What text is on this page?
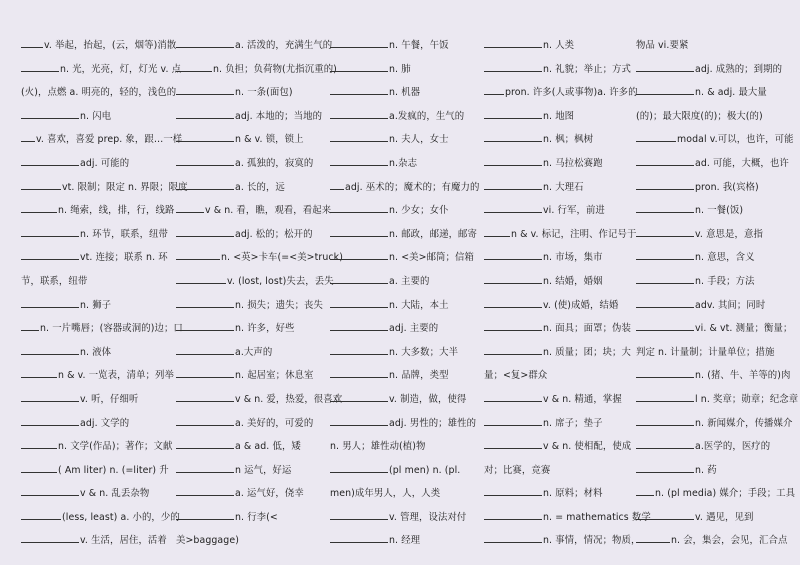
v. 举起，抬起，(云，烟等)消散
n. 光，光亮，灯，灯光 v. 点
(火)，点燃 a. 明亮的，轻的，浅色的
n. 闪电
v. 喜欢，喜爱 prep. 象，跟…一样
adj. 可能的
vt. 限制；限定 n. 界限；限度
n. 绳索，线，排，行，线路
n. 环节，联系，纽带
vt. 连接；联系 n. 环
节，联系，纽带
n. 狮子
n. 一片嘴唇；(容器或洞的)边；口
n. 液体
n & v. 一览表，清单；列举
v. 听，仔细听
adj. 文学的
n. 文学(作品)；著作；文献
( Am liter) n. (=liter) 升
v & n. 乱丢杂物
(less, least) a. 小的，少的
v. 生活，居住，活着
a. 活泼的，充满生气的
n. 负担；负荷物(尤指沉重的)
n. 一条(面包)
adj. 本地的；当地的
n & v. 锁，锁上
a. 孤独的，寂寞的
a. 长的，远
v & n. 看，瞧，观看，看起来
adj. 松的；松开的
n. <英>卡车(=<美>truck)
v. (lost, lost)失去，丢失
n. 损失；遗失；丧失
n. 许多，好些
a.大声的
n. 起居室；休息室
v & n. 爱，热爱，很喜欢
a. 美好的，可爱的
a & ad. 低，矮
n 运气，好运
a. 运气好，侥幸
n. 行李(<
美>baggage)
n. 午餐，午饭
n. 肺
n. 机器
a.发疯的，生气的
n. 夫人，女士
n.杂志
adj. 巫术的；魔术的；有魔力的
n. 少女；女仆
n. 邮政，邮递，邮寄
n. <美>邮筒；信箱
a. 主要的
n. 大陆，本土
adj. 主要的
n. 大多数；大半
n. 品牌，类型
v. 制造，做，使得
adj. 男性的；雄性的
n. 男人；雄性动(植)物
(pl men) n. (pl.
men)成年男人，人，人类
v. 管理，设法对付
n. 经理
n. 人类
n. 礼貌；举止；方式
pron. 许多(人或事物)a. 许多的
n. 地图
n. 枫；枫树
n. 马拉松赛跑
n. 大理石
vi. 行军，前进
n & v. 标记，注明、作记号于
n. 市场，集市
n. 结婚，婚姻
v. (使)成婚，结婚
n. 面具；面罩；伪装
n. 质量；团；块；大
量；<复>群众
v & n. 精通，掌握
n. 席子；垫子
v & n. 使相配，使成
对；比赛，竞赛
n. 原料；材料
n. = mathematics 数学
n. 事情，情况；物质，
物品 vi.要紧
adj. 成熟的；到期的
n. & adj. 最大量
(的)；最大限度(的)；极大(的)
modal v.可以，也许，可能
ad. 可能，大概，也许
pron. 我(宾格)
n. 一餐(饭)
v. 意思是，意指
n. 意思，含义
n. 手段；方法
adv. 其间；同时
vi. & vt. 测量；衡量；
判定 n. 计量制；计量单位；措施
n. (猪、牛、羊等的)肉
l n. 奖章；勋章；纪念章
n. 新闻媒介，传播媒介
a.医学的，医疗的
n. 药
n. (pl media) 媒介；手段；工具
v. 遇见，见到
n. 会，集会，会见，汇合点
